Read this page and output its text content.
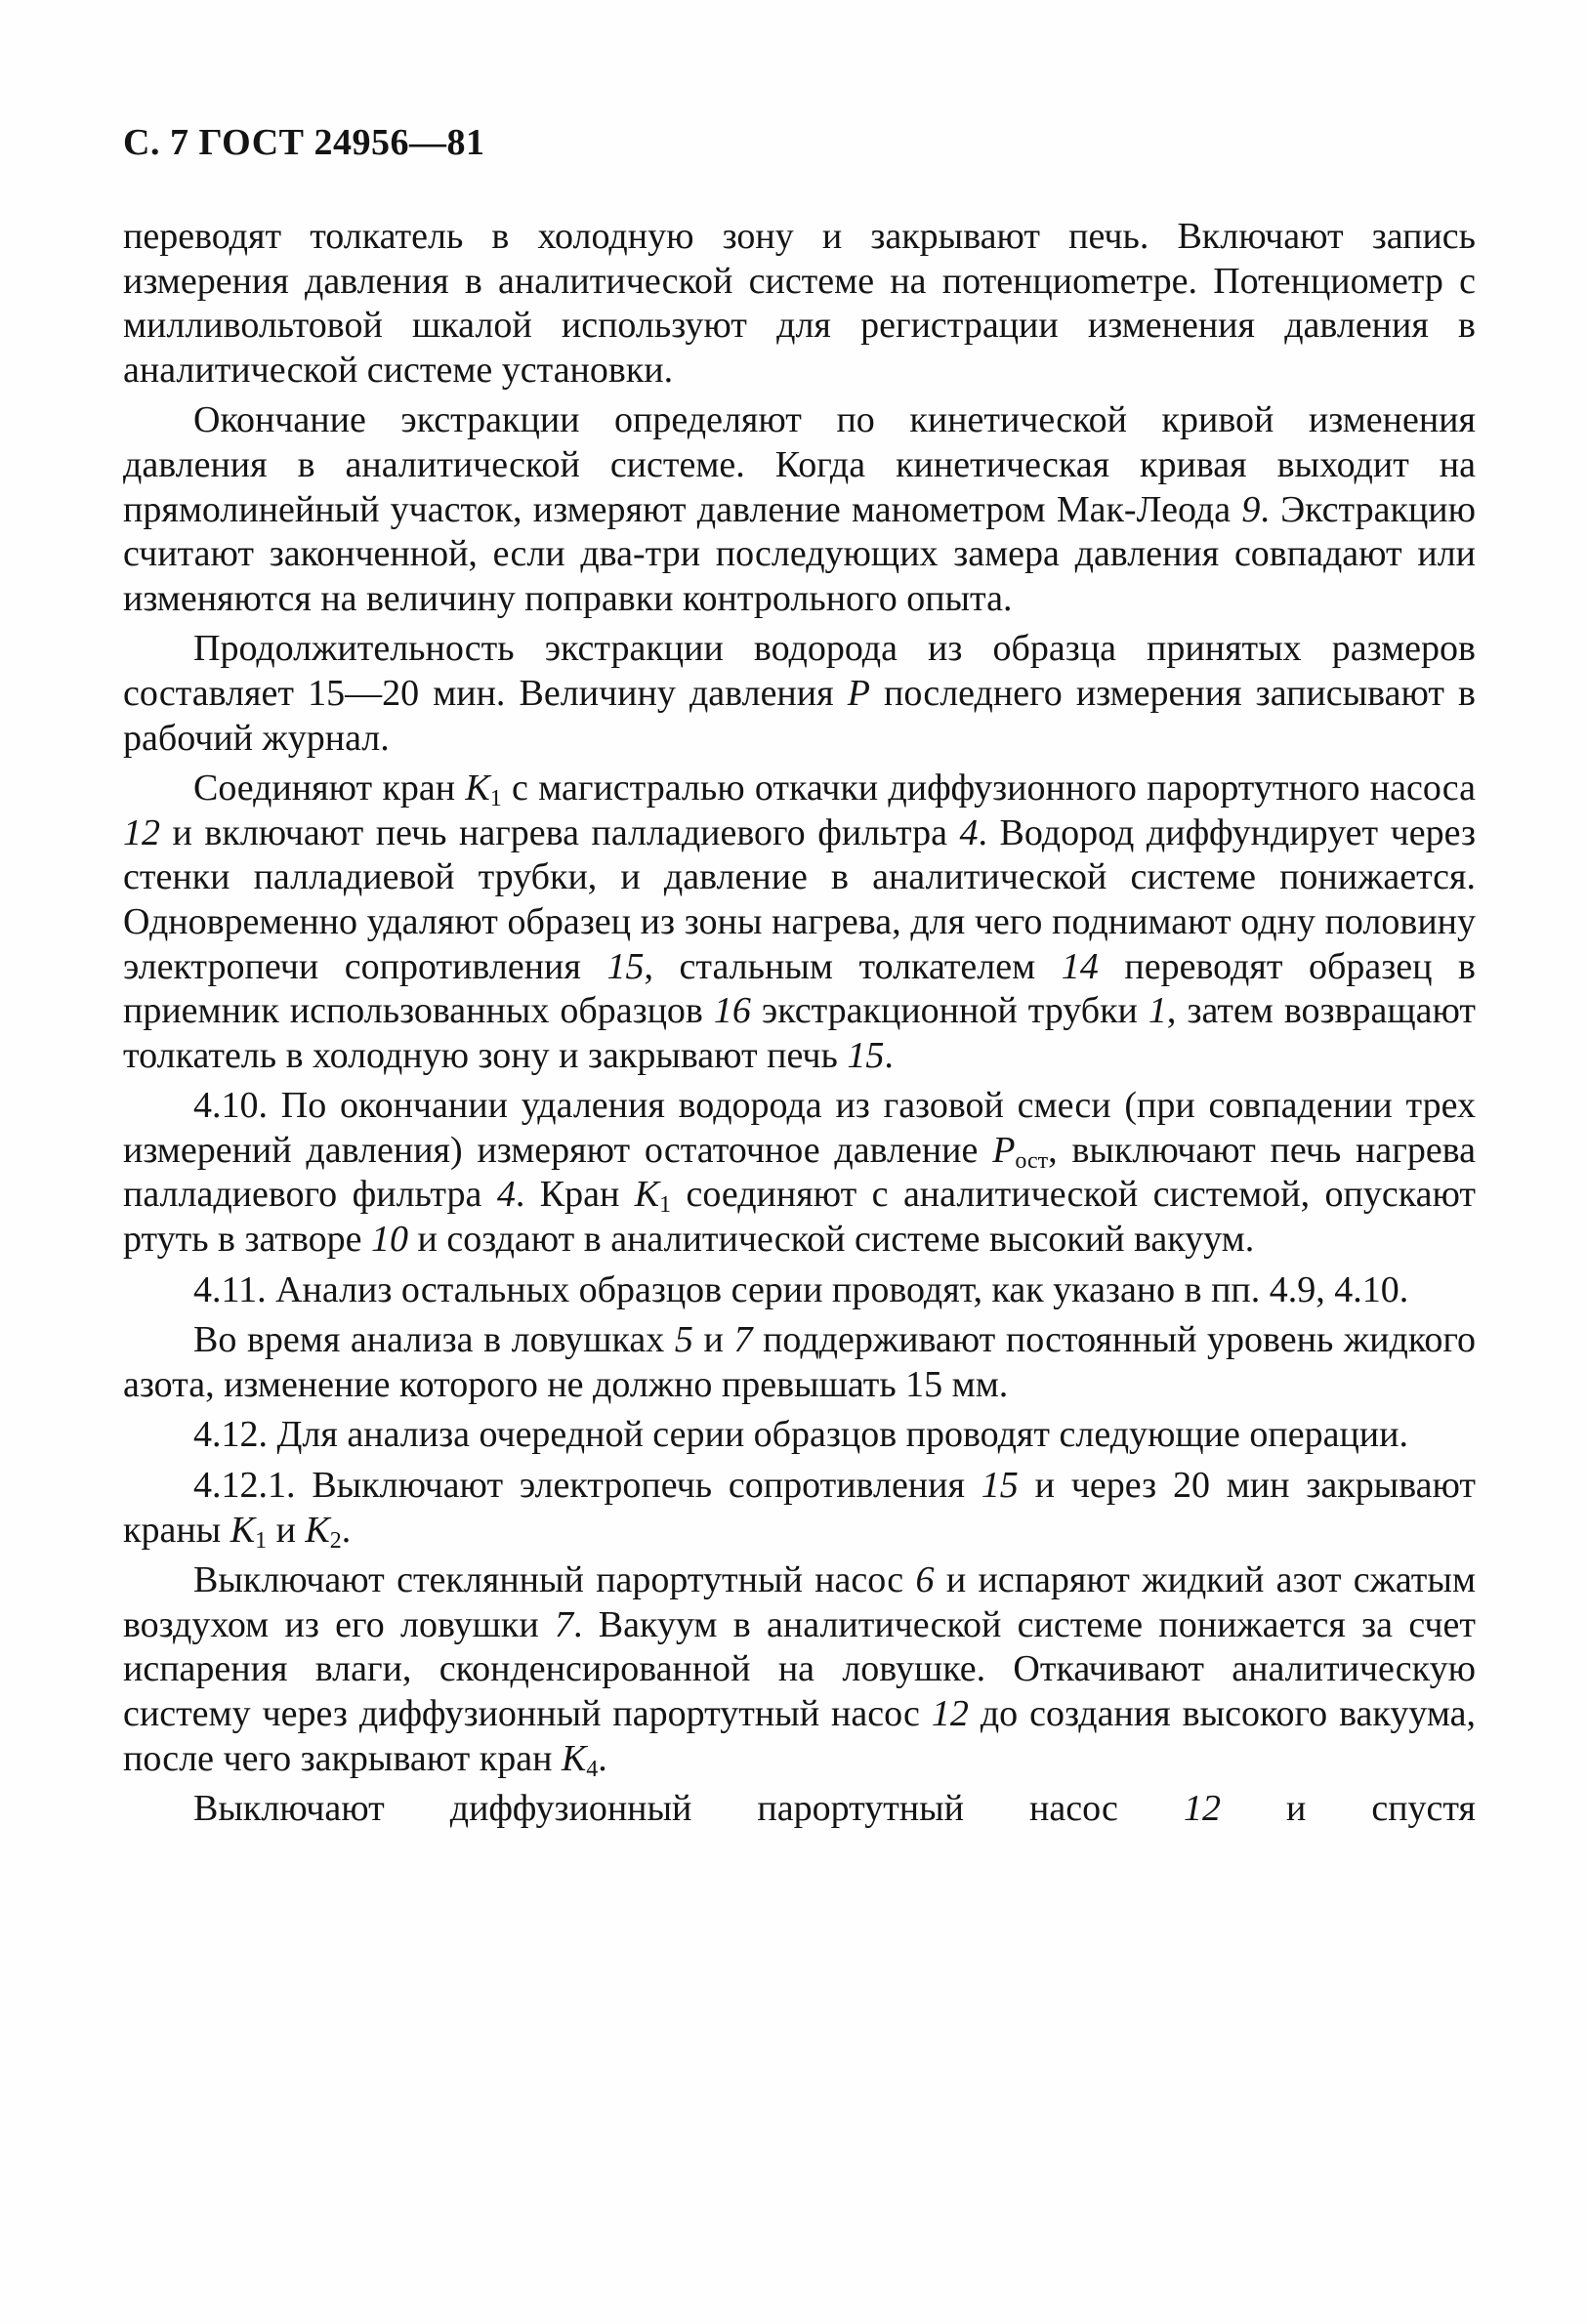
С. 7 ГОСТ 24956—81

переводят толкатель в холодную зону и закрывают печь. Включают запись измерения давления в аналитической системе на потенциоmетре. Потенциометр с милливольтовой шкалой используют для регистрации изменения давления в аналитической системе установки.

Окончание экстракции определяют по кинетической кривой изменения давления в аналитической системе. Когда кинетическая кривая выходит на прямолинейный участок, измеряют давление манометром Мак-Леода 9. Экстракцию считают законченной, если два-три последующих замера давления совпадают или изменяются на величину поправки контрольного опыта.

Продолжительность экстракции водорода из образца принятых размеров составляет 15—20 мин. Величину давления P последнего измерения записывают в рабочий журнал.

Соединяют кран $K_1$ с магистралью откачки диффузионного парортутного насоса 12 и включают печь нагрева палладиевого фильтра 4. Водород диффундирует через стенки палладиевой трубки, и давление в аналитической системе понижается. Одновременно удаляют образец из зоны нагрева, для чего поднимают одну половину электропечи сопротивления 15, стальным толкателем 14 переводят образец в приемник использованных образцов 16 экстракционной трубки 1, затем возвращают толкатель в холодную зону и закрывают печь 15.

4.10. По окончании удаления водорода из газовой смеси (при совпадении трех измерений давления) измеряют остаточное давление $P_{ост}$, выключают печь нагрева палладиевого фильтра 4. Кран $K_1$ соединяют с аналитической системой, опускают ртуть в затворе 10 и создают в аналитической системе высокий вакуум.

4.11. Анализ остальных образцов серии проводят, как указано в пп. 4.9, 4.10.

Во время анализа в ловушках 5 и 7 поддерживают постоянный уровень жидкого азота, изменение которого не должно превышать 15 мм.

4.12. Для анализа очередной серии образцов проводят следующие операции.

4.12.1. Выключают электропечь сопротивления 15 и через 20 мин закрывают краны $K_1$ и $K_2$.

Выключают стеклянный парортутный насос 6 и испаряют жидкий азот сжатым воздухом из его ловушки 7. Вакуум в аналитической системе понижается за счет испарения влаги, сконденсированной на ловушке. Откачивают аналитическую систему через диффузионный парортутный насос 12 до создания высокого вакуума, после чего закрывают кран $K_4$.

Выключают диффузионный парортутный насос 12 и спустя
